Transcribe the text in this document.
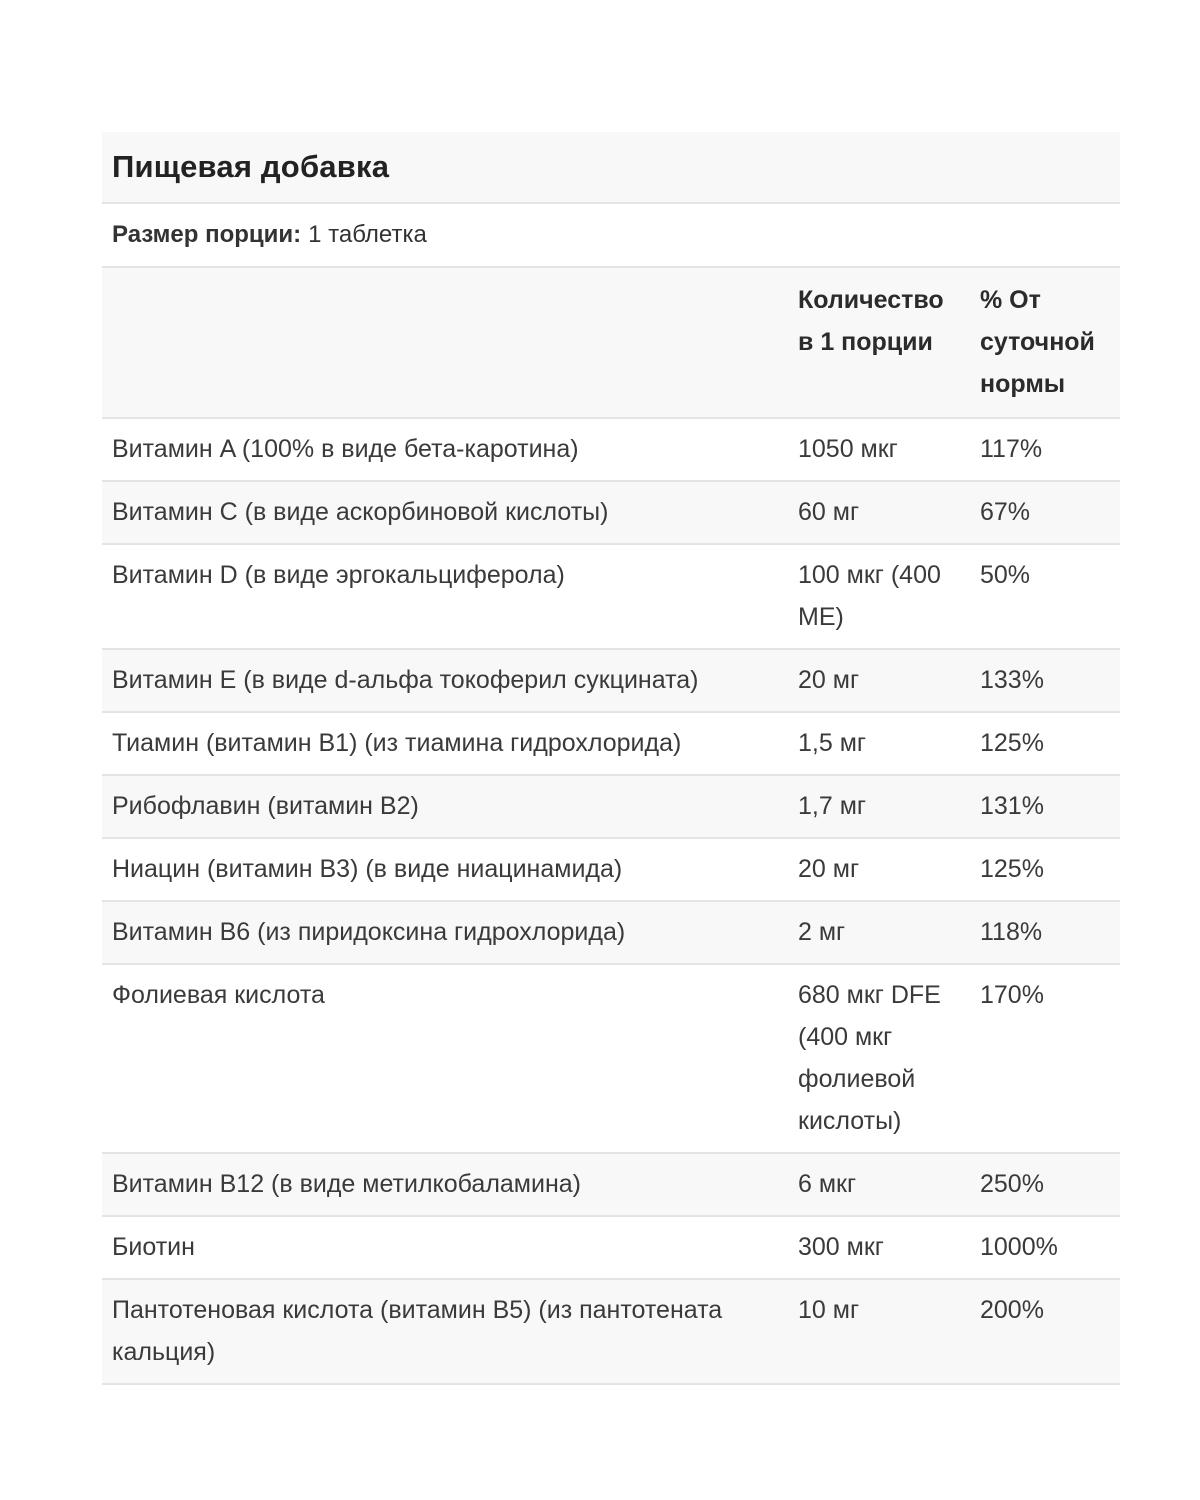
Пищевая добавка
Размер порции: 1 таблетка
	Количество в 1 порции	% От суточной нормы
Витамин A (100% в виде бета-каротина)	1050 мкг	117%
Витамин C (в виде аскорбиновой кислоты)	60 мг	67%
Витамин D (в виде эргокальциферола)	100 мкг (400 МЕ)	50%
Витамин E (в виде d-альфа токоферил сукцината)	20 мг	133%
Тиамин (витамин B1) (из тиамина гидрохлорида)	1,5 мг	125%
Рибофлавин (витамин B2)	1,7 мг	131%
Ниацин (витамин B3) (в виде ниацинамида)	20 мг	125%
Витамин B6 (из пиридоксина гидрохлорида)	2 мг	118%
Фолиевая кислота	680 мкг DFE (400 мкг фолиевой кислоты)	170%
Витамин B12 (в виде метилкобаламина)	6 мкг	250%
Биотин	300 мкг	1000%
Пантотеновая кислота (витамин B5) (из пантотената кальция)	10 мг	200%
